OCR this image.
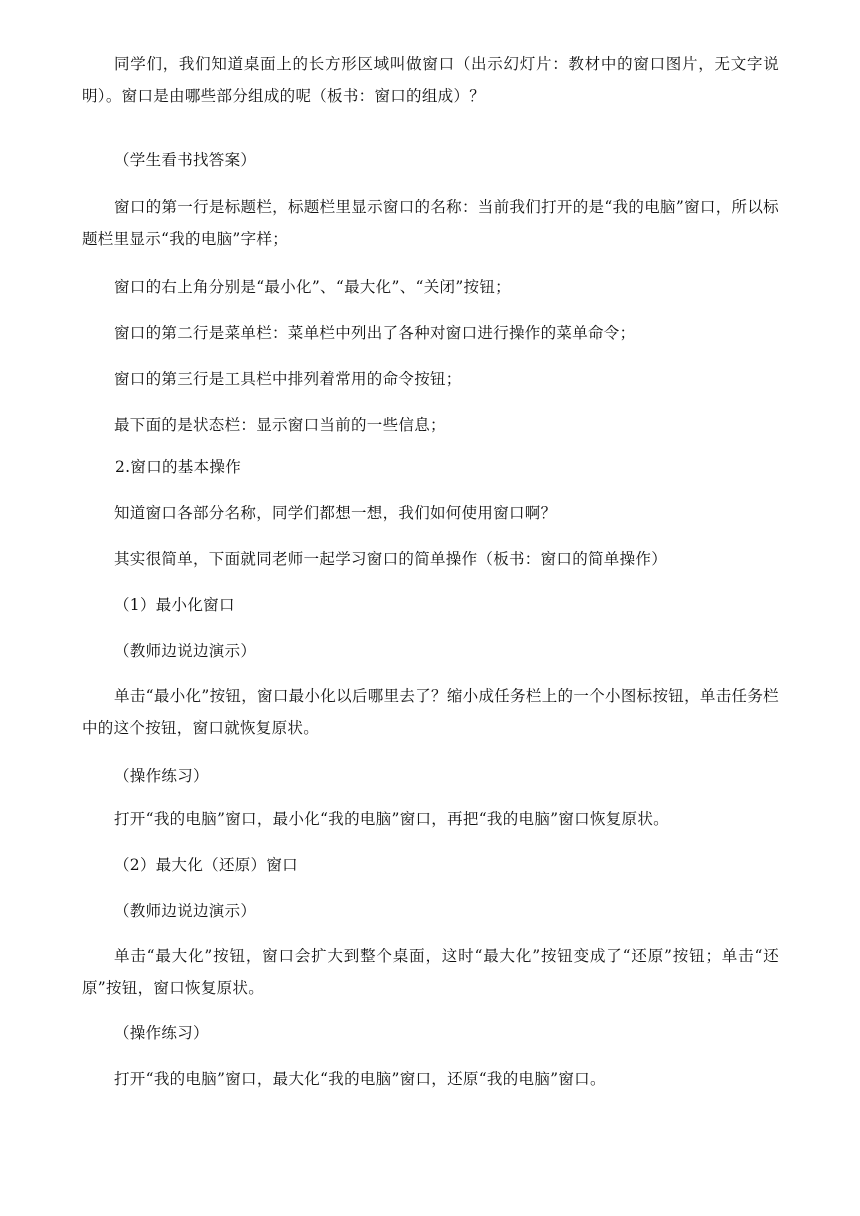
同学们，我们知道桌面上的长方形区域叫做窗口（出示幻灯片：教材中的窗口图片，无文字说明）。窗口是由哪些部分组成的呢（板书：窗口的组成）？

（学生看书找答案）

窗口的第一行是标题栏，标题栏里显示窗口的名称：当前我们打开的是“我的电脑”窗口，所以标题栏里显示“我的电脑”字样；

窗口的右上角分别是“最小化”、“最大化”、“关闭”按钮；

窗口的第二行是菜单栏：菜单栏中列出了各种对窗口进行操作的菜单命令；

窗口的第三行是工具栏中排列着常用的命令按钮；

最下面的是状态栏：显示窗口当前的一些信息；

2.窗口的基本操作

知道窗口各部分名称，同学们都想一想，我们如何使用窗口啊？

其实很简单，下面就同老师一起学习窗口的简单操作（板书：窗口的简单操作）

（1）最小化窗口

（教师边说边演示）

单击“最小化”按钮，窗口最小化以后哪里去了？缩小成任务栏上的一个小图标按钮，单击任务栏中的这个按钮，窗口就恢复原状。

（操作练习）

打开“我的电脑”窗口，最小化“我的电脑”窗口，再把“我的电脑”窗口恢复原状。

（2）最大化（还原）窗口

（教师边说边演示）

单击“最大化”按钮，窗口会扩大到整个桌面，这时“最大化”按钮变成了“还原”按钮；单击“还原”按钮，窗口恢复原状。

（操作练习）

打开“我的电脑”窗口，最大化“我的电脑”窗口，还原“我的电脑”窗口。
